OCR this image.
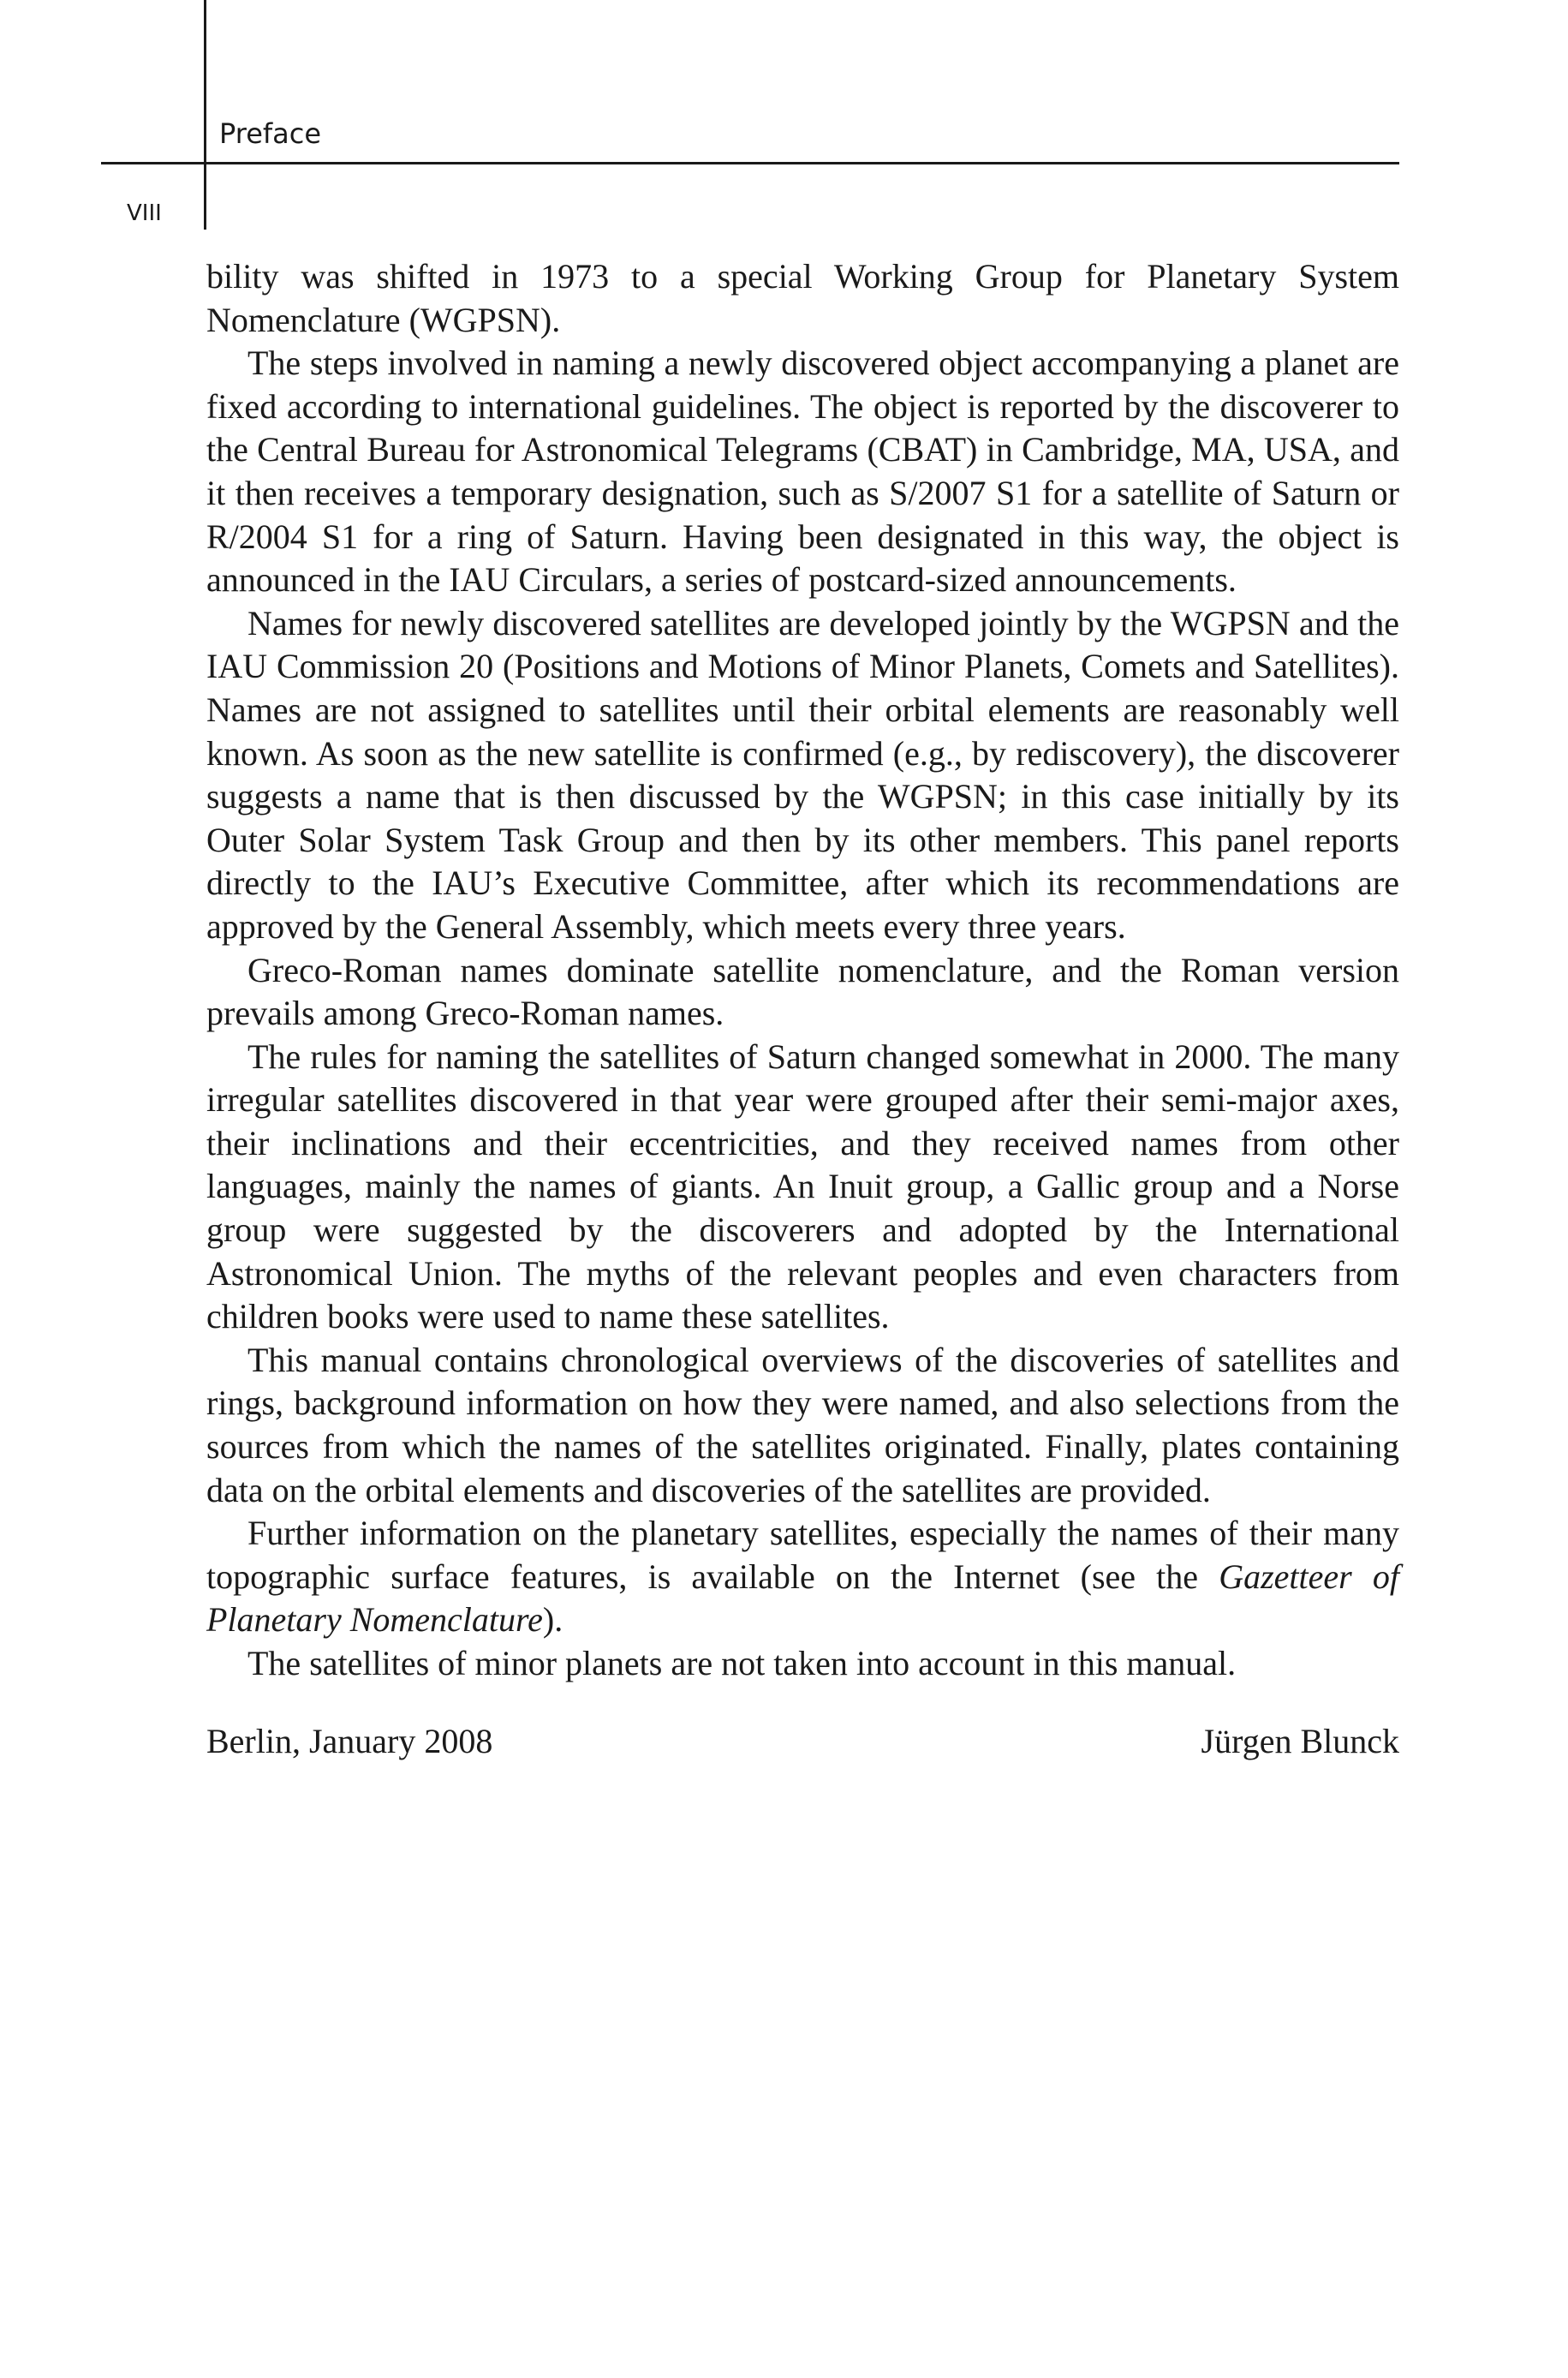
Preface
VIII

bility was shifted in 1973 to a special Working Group for Planetary System Nomenclature (WGPSN).

The steps involved in naming a newly discovered object accompanying a planet are fixed according to international guidelines. The object is reported by the discoverer to the Central Bureau for Astronomical Telegrams (CBAT) in Cambridge, MA, USA, and it then receives a temporary designation, such as S/2007 S1 for a satellite of Saturn or R/2004 S1 for a ring of Saturn. Having been designated in this way, the object is announced in the IAU Circulars, a series of postcard-sized announcements.

Names for newly discovered satellites are developed jointly by the WGPSN and the IAU Commission 20 (Positions and Motions of Minor Planets, Comets and Satellites). Names are not assigned to satellites until their orbital elements are reasonably well known. As soon as the new satellite is confirmed (e.g., by rediscovery), the discoverer suggests a name that is then discussed by the WGPSN; in this case initially by its Outer Solar System Task Group and then by its other members. This panel reports directly to the IAU’s Executive Committee, after which its recommendations are approved by the General Assembly, which meets every three years.

Greco-Roman names dominate satellite nomenclature, and the Roman version prevails among Greco-Roman names.

The rules for naming the satellites of Saturn changed somewhat in 2000. The many irregular satellites discovered in that year were grouped after their semi-major axes, their inclinations and their eccentricities, and they received names from other languages, mainly the names of giants. An Inuit group, a Gallic group and a Norse group were suggested by the discoverers and adopted by the International Astronomical Union. The myths of the relevant peoples and even characters from children books were used to name these satellites.

This manual contains chronological overviews of the discoveries of satellites and rings, background information on how they were named, and also selections from the sources from which the names of the satellites originated. Finally, plates containing data on the orbital elements and discoveries of the satellites are provided.

Further information on the planetary satellites, especially the names of their many topographic surface features, is available on the Internet (see the Gazetteer of Planetary Nomenclature).

The satellites of minor planets are not taken into account in this manual.

Berlin, January 2008	Jürgen Blunck
